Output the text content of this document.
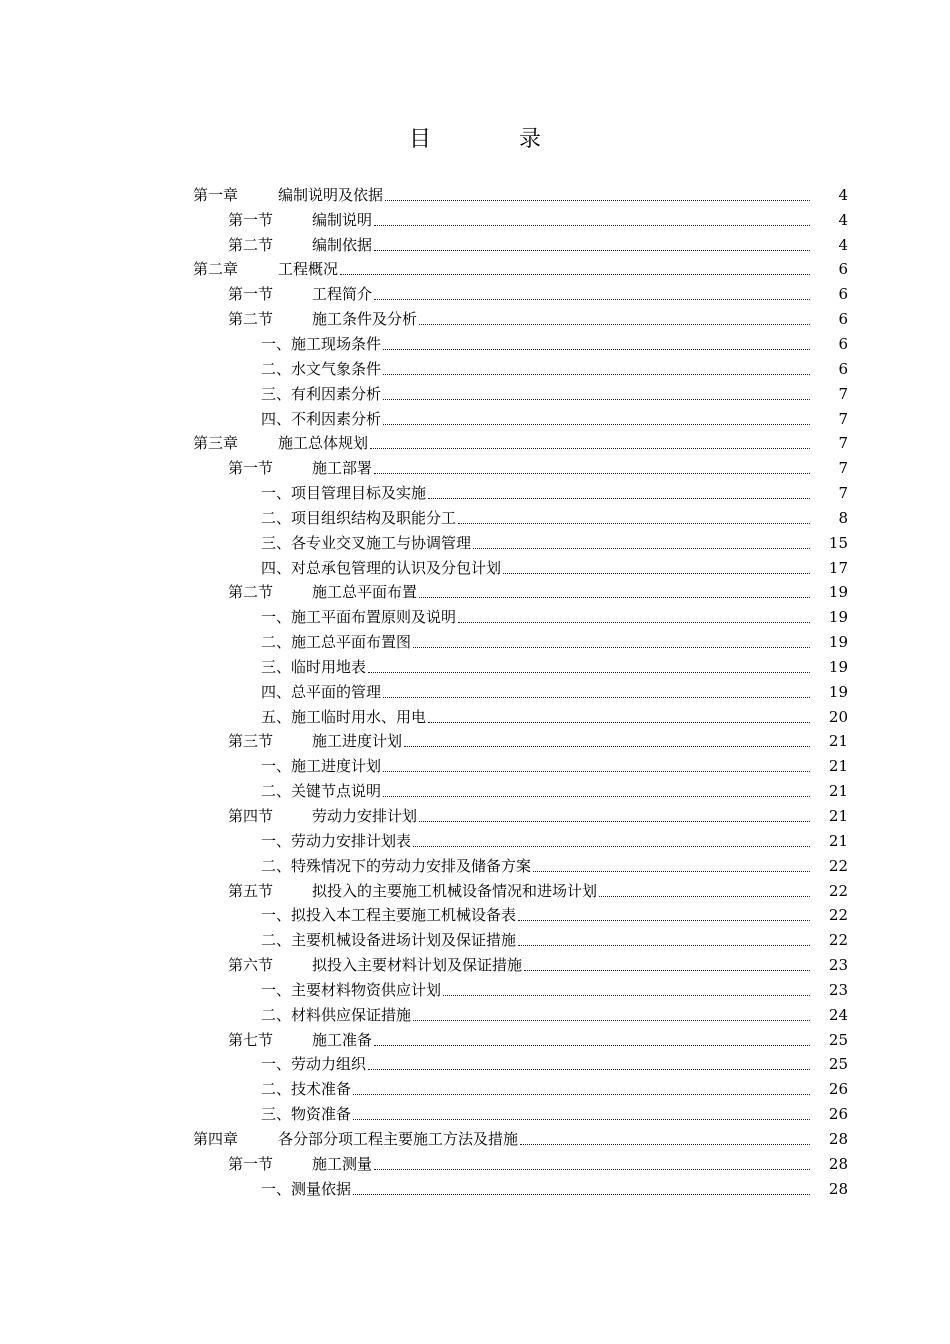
目	录
第一章	编制说明及依据	4
第一节	编制说明	4
第二节	编制依据	4
第二章	工程概况	6
第一节	工程简介	6
第二节	施工条件及分析	6
一、施工现场条件	6
二、水文气象条件	6
三、有利因素分析	7
四、不利因素分析	7
第三章	施工总体规划	7
第一节	施工部署	7
一、项目管理目标及实施	7
二、项目组织结构及职能分工	8
三、各专业交叉施工与协调管理	15
四、对总承包管理的认识及分包计划	17
第二节	施工总平面布置	19
一、施工平面布置原则及说明	19
二、施工总平面布置图	19
三、临时用地表	19
四、总平面的管理	19
五、施工临时用水、用电	20
第三节	施工进度计划	21
一、施工进度计划	21
二、关键节点说明	21
第四节	劳动力安排计划	21
一、劳动力安排计划表	21
二、特殊情况下的劳动力安排及储备方案	22
第五节	拟投入的主要施工机械设备情况和进场计划	22
一、拟投入本工程主要施工机械设备表	22
二、主要机械设备进场计划及保证措施	22
第六节	拟投入主要材料计划及保证措施	23
一、主要材料物资供应计划	23
二、材料供应保证措施	24
第七节	施工准备	25
一、劳动力组织	25
二、技术准备	26
三、物资准备	26
第四章	各分部分项工程主要施工方法及措施	28
第一节	施工测量	28
一、测量依据	28
